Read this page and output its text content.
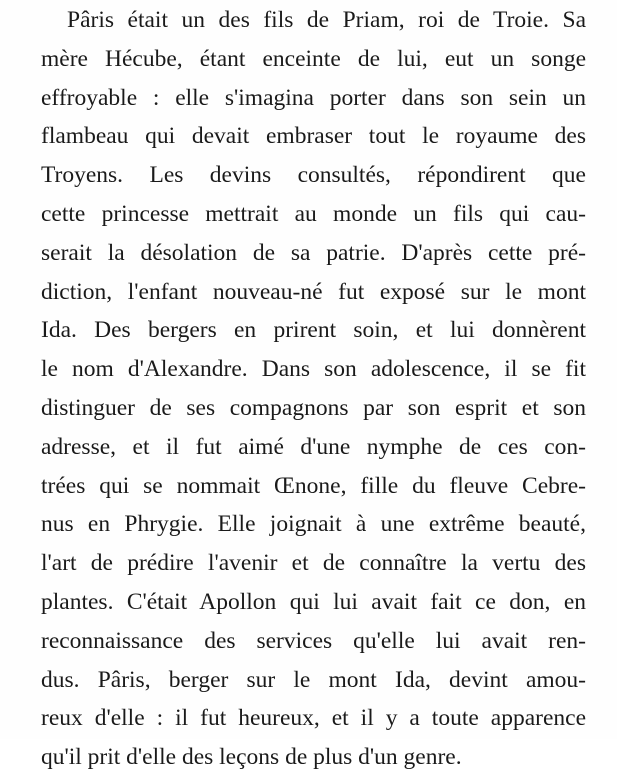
Pâris était un des fils de Priam, roi de Troie. Sa
mère Hécube, étant enceinte de lui, eut un songe
effroyable : elle s'imagina porter dans son sein un
flambeau qui devait embraser tout le royaume des
Troyens. Les devins consultés, répondirent que
cette princesse mettrait au monde un fils qui cau-
serait la désolation de sa patrie. D'après cette pré-
diction, l'enfant nouveau-né fut exposé sur le mont
Ida. Des bergers en prirent soin, et lui donnèrent
le nom d'Alexandre. Dans son adolescence, il se fit
distinguer de ses compagnons par son esprit et son
adresse, et il fut aimé d'une nymphe de ces con-
trées qui se nommait Œnone, fille du fleuve Cebre-
nus en Phrygie. Elle joignait à une extrême beauté,
l'art de prédire l'avenir et de connaître la vertu des
plantes. C'était Apollon qui lui avait fait ce don, en
reconnaissance des services qu'elle lui avait ren-
dus. Pâris, berger sur le mont Ida, devint amou-
reux d'elle : il fut heureux, et il y a toute apparence
qu'il prit d'elle des leçons de plus d'un genre.
